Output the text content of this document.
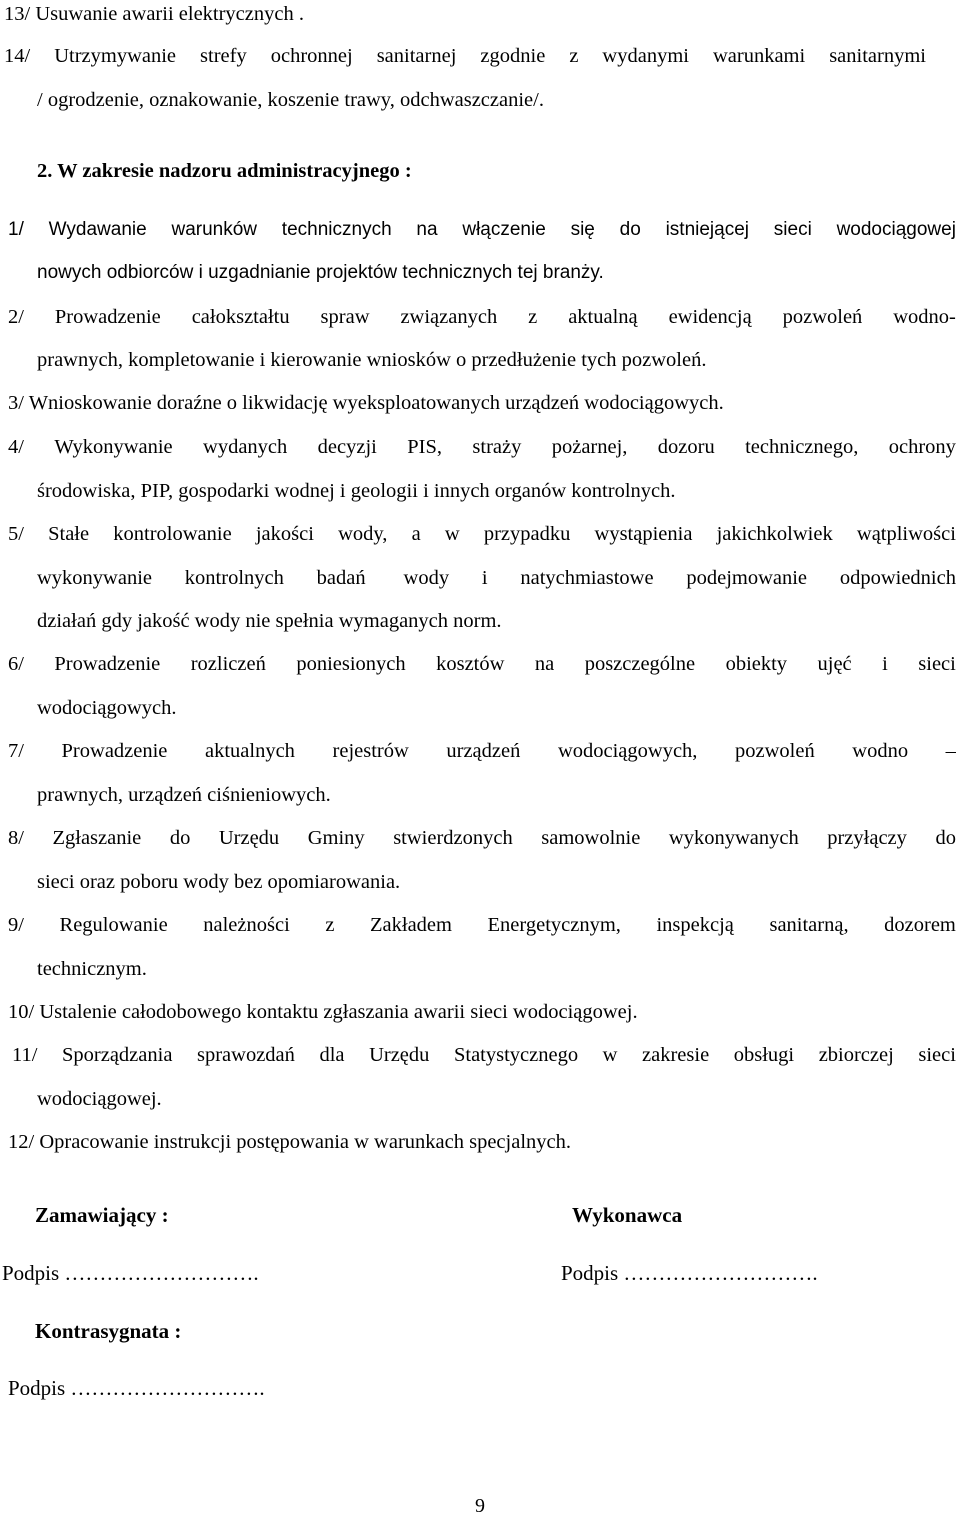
13/ Usuwanie awarii elektrycznych .
14/ Utrzymywanie strefy ochronnej sanitarnej zgodnie z wydanymi warunkami sanitarnymi
/ ogrodzenie, oznakowanie, koszenie trawy, odchwaszczanie/.
2. W zakresie nadzoru administracyjnego :
1/ Wydawanie warunków technicznych na włączenie się do istniejącej sieci wodociągowej
nowych odbiorców i uzgadnianie projektów technicznych tej branży.
2/ Prowadzenie całokształtu spraw związanych z aktualną ewidencją pozwoleń wodno-
prawnych, kompletowanie i kierowanie wniosków o przedłużenie tych pozwoleń.
3/ Wnioskowanie doraźne o likwidację wyeksploatowanych urządzeń wodociągowych.
4/ Wykonywanie wydanych decyzji PIS, straży pożarnej, dozoru technicznego, ochrony
środowiska, PIP, gospodarki wodnej i geologii i innych organów kontrolnych.
5/ Stałe kontrolowanie jakości wody, a w przypadku wystąpienia jakichkolwiek wątpliwości
wykonywanie kontrolnych badań wody i natychmiastowe podejmowanie odpowiednich
działań gdy jakość wody nie spełnia wymaganych norm.
6/ Prowadzenie rozliczeń poniesionych kosztów na poszczególne obiekty ujęć i sieci
wodociągowych.
7/ Prowadzenie aktualnych rejestrów urządzeń wodociągowych, pozwoleń wodno –
prawnych, urządzeń ciśnieniowych.
8/ Zgłaszanie do Urzędu Gminy stwierdzonych samowolnie wykonywanych przyłączy do
sieci oraz poboru wody bez opomiarowania.
9/ Regulowanie należności z Zakładem Energetycznym, inspekcją sanitarną, dozorem
technicznym.
10/ Ustalenie całodobowego kontaktu zgłaszania awarii sieci wodociągowej.
11/ Sporządzania sprawozdań dla Urzędu Statystycznego w zakresie obsługi zbiorczej sieci
wodociągowej.
12/ Opracowanie instrukcji postępowania w warunkach specjalnych.
Zamawiający :	Wykonawca
Podpis ……………………….	Podpis ……………………….
Kontrasygnata :
Podpis ……………………….
9
